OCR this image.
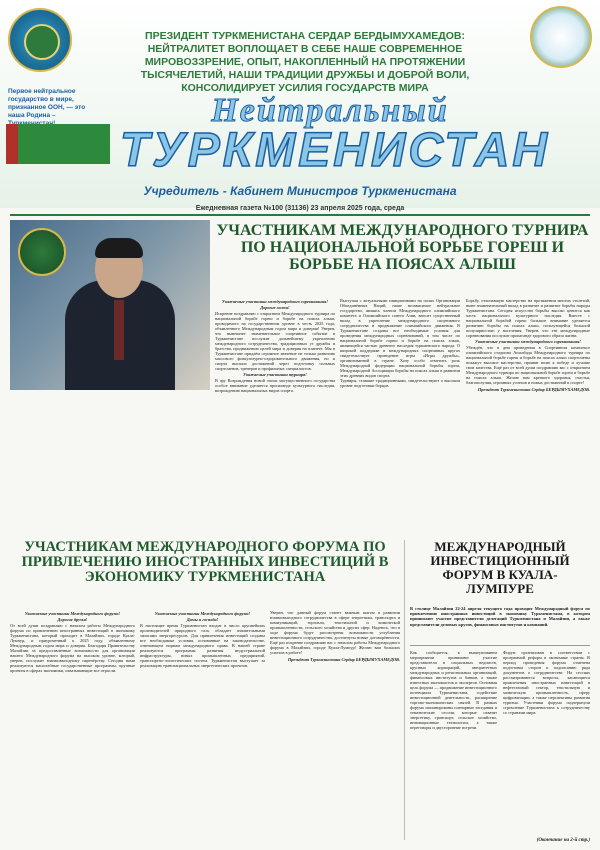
ПРЕЗИДЕНТ ТУРКМЕНИСТАНА СЕРДАР БЕРДЫМУХАМЕДОВ: НЕЙТРАЛИТЕТ ВОПЛОЩАЕТ В СЕБЕ НАШЕ СОВРЕМЕННОЕ МИРОВОЗЗРЕНИЕ, ОПЫТ, НАКОПЛЕННЫЙ НА ПРОТЯЖЕНИИ ТЫСЯЧЕЛЕТИЙ, НАШИ ТРАДИЦИИ ДРУЖБЫ И ДОБРОЙ ВОЛИ, КОНСОЛИДИРУЕТ УСИЛИЯ ГОСУДАРСТВ МИРА
Первое нейтральное государство в мире, признанное ООН, — это наша Родина –	Нейтральный
ТУРКМЕНИСТАН
Учредитель - Кабинет Министров Туркменистана
Ежедневная газета №100 (31136) 23 апреля 2025 года, среда
УЧАСТНИКАМ МЕЖДУНАРОДНОГО ТУРНИРА ПО НАЦИОНАЛЬНОЙ БОРЬБЕ ГОРЕШ И БОРЬБЕ НА ПОЯСАХ АЛЫШ
Уважаемые участники международного соревнования!
Дорогие гости!
Искренне поздравляю с открытием Международного турнира по национальной борьбе гореш и борьбе на поясах алыш, проводимого на государственном уровне в честь 2025 года, объявленного Международным годом мира и доверия! Уверен, что нынешнее знаменательное спортивное событие в Туркменистане послужит дальнейшему укреплению международного сотрудничества, традиционных уз дружбы и братства, продвижению целей мира и доверия на планете. Мы в Туркменистане придаём огромное значение не только развитию массового физкультурно-оздоровительного движения, но и спорта высших достижений через подготовку сильных спортсменов, тренеров и профильных специалистов.
Уважаемые участники турнира!
В эру Возрождения новой эпохи могущественного государства особое внимание уделяется пропаганде культурного наследия, возрождению национальных видов спорта.
Выступая с актуальными инициативами на полях Организации Объединённых Наций, наше независимое нейтральное государство, являясь членом Международного олимпийского комитета и Олимпийского совета Азии, вносит существенный вклад в укрепление международного спортивного сотрудничества и продвижение олимпийского движения. В Туркменистане созданы все необходимые условия для проведения международных соревнований, в том числе по национальной борьбе гореш и борьбе на поясах алыш, являющейся частью древнего наследия туркменского народа. О широкой поддержке в международных спортивных кругах свидетельствует проведение игры «Игры дружбы», организованной в стране. Хочу особо отметить роль Международной федерации национальной борьбы гореш, Международной Ассоциации борьбы на поясах алыш в развитии этих древних видов спорта.
Турниры, ставшие традиционными, свидетельствуют о высоком уровне подготовки борцов.
Борьбу, отличавшую мастерство на протяжении многих столетий, ныне знаменательный вклад в развитие и развитие борьбы народы Туркменистана. Сегодня искусство борьбы высоко ценится как часть национального культурного наследия. Вместе с национальной борьбой гореш большое внимание уделяется развитию борьбы на поясах алыш, пользующейся большой популярностью у населения. Уверен, что эти международные соревнования послужат пропаганде здорового образа жизни.
Уважаемые участники международного соревнования!
Убеждён, что в дни проведения в Спортивном комплексе олимпийского стадиона Ашхабада Международного турнира по национальной борьбе гореш и борьбе на поясах алыш спортсмены покажут высокое мастерство, проявят волю к победе и лучшие свои качества. Ещё раз от всей души поздравляю вас с открытием Международного турнира по национальной борьбе гореш и борьбе на поясах алыш. Желаю вам крепкого здоровья, счастья, благополучия, огромных успехов и новых достижений в спорте!
Президент Туркменистана Сердар БЕРДЫМУХАМЕДОВ.
УЧАСТНИКАМ МЕЖДУНАРОДНОГО ФОРУМА ПО ПРИВЛЕЧЕНИЮ ИНОСТРАННЫХ ИНВЕСТИЦИЙ В ЭКОНОМИКУ ТУРКМЕНИСТАНА
Уважаемые участники Международного форума!
Дорогие друзья!
От всей души поздравляю с началом работы Международного форума по привлечению иностранных инвестиций в экономику Туркменистана, который проходит в Малайзии, городе Куала-Лумпур, и приуроченный к 2025 году, объявленному Международным годом мира и доверия. Благодаря Правительству Малайзии за предоставленные возможности для организации нашего Международного форума на высоком уровне, который, уверен, послужит взаимовыгодному партнёрству. Сегодня нами реализуются масштабные государственные программы, крупные проекты в сферах экономики, охватывающие все отрасли.
Уважаемые участники Международного форума!
Дамы и господа!
В настоящее время Туркменистан входит в число крупнейших производителей природного газа, обладает значительными запасами энергоресурсов. Для привлечения инвестиций созданы все необходимые условия, основанные на законодательстве, отвечающем нормам международного права. В нашей стране реализуются программы развития индустриальной инфраструктуры, новых промышленных предприятий, транспортно-логистических систем. Туркменистан выступает за реализацию транснациональных энергетических проектов.
Уверен, что данный форум станет важным шагом в развитии взаимовыгодного сотрудничества в сфере энергетики, транспорта и коммуникаций, торговли, текстильной и химической промышленности, сельского хозяйства и других сфер. Надеюсь, что в ходе форума будут рассмотрены возможности углубления инвестиционного сотрудничества, достигнуты новые договорённости. Ещё раз искренне поздравляю вас с началом работы Международного форума в Малайзии, городе Куала-Лумпур! Желаю вам больших успехов в работе!
Президент Туркменистана Сердар БЕРДЫМУХАМЕДОВ.
МЕЖДУНАРОДНЫЙ ИНВЕСТИЦИОННЫЙ ФОРУМ В КУАЛА-ЛУМПУРЕ
В столице Малайзии 22-24 апреля текущего года проходит Международный форум по привлечению иностранных инвестиций в экономику Туркменистана, в котором принимают участие представители делегаций Туркменистана и Малайзии, а также представители деловых кругов, финансовых институтов и компаний.
Как сообщается, в вышеупомянем мероприятии принимают участие представители в социальных ведомств, крупных корпораций, авторитетных международных и региональных организаций, финансовых институтов и банков, а также известных экономистов и экспертов. Основная цель форума — продвижение инвестиционного потенциала Туркменистана, содействие инвестиционной деятельности, расширение торгово-экономических связей. В рамках форума запланированы пленарные заседания и тематические сессии, которые охватят энергетику, транспорт, сельское хозяйство, инновационные технологии, а также переговоры и двусторонние встречи.
Форум организован в соответствии с программой реформ в экономике страны. В период проведения форума отмечена подготовка сторон к подписанию ряда документов о сотрудничестве. На сессиях рассматриваются вопросы, касающиеся привлечения иностранных инвестиций в нефтегазовый сектор, текстильную и химическую промышленность, сферу цифровизации, а также перспективы развития туризма. Участники форума подчеркнули стремление Туркменистана к сотрудничеству со странами мира.
(Окончание на 2-й стр.)
